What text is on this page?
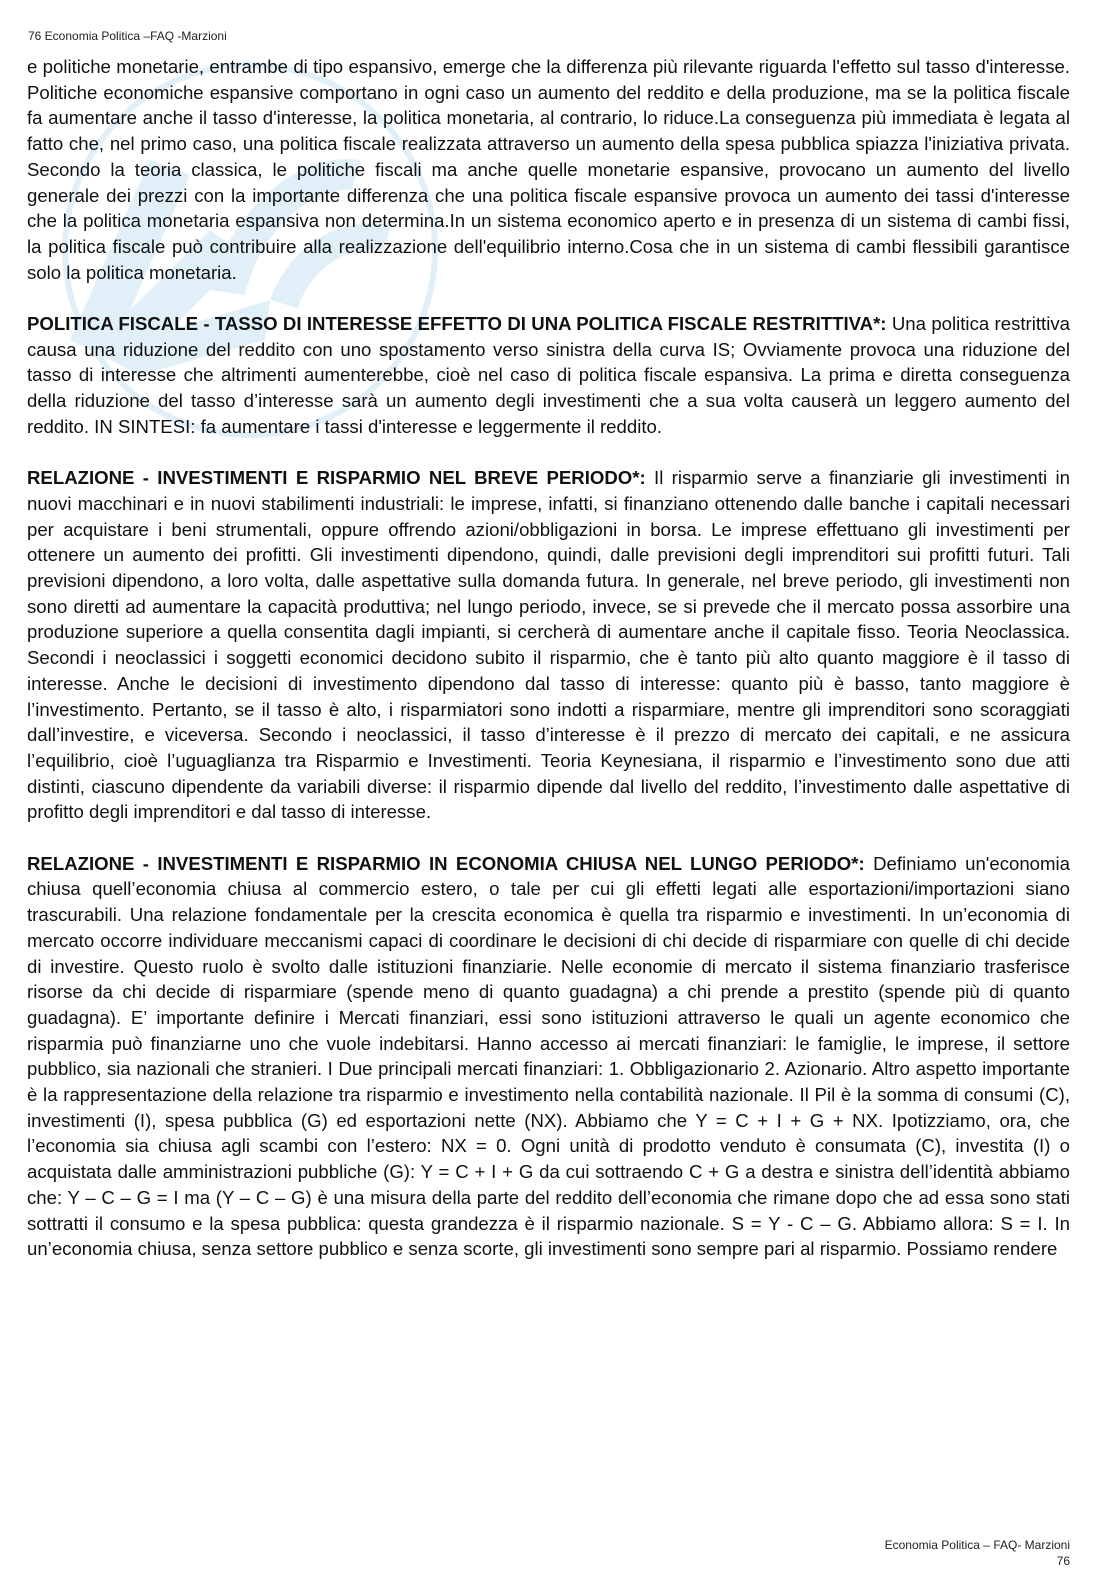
76 Economia Politica –FAQ -Marzioni

e politiche monetarie, entrambe di tipo espansivo, emerge che la differenza più rilevante riguarda l'effetto sul tasso d'interesse. Politiche economiche espansive comportano in ogni caso un aumento del reddito e della produzione, ma se la politica fiscale fa aumentare anche il tasso d'interesse, la politica monetaria, al contrario, lo riduce.La conseguenza più immediata è legata al fatto che, nel primo caso, una politica fiscale realizzata attraverso un aumento della spesa pubblica spiazza l'iniziativa privata. Secondo la teoria classica, le politiche fiscali ma anche quelle monetarie espansive, provocano un aumento del livello generale dei prezzi con la importante differenza che una politica fiscale espansive provoca un aumento dei tassi d'interesse che la politica monetaria espansiva non determina.In un sistema economico aperto e in presenza di un sistema di cambi fissi, la politica fiscale può contribuire alla realizzazione dell'equilibrio interno.Cosa che in un sistema di cambi flessibili garantisce solo la politica monetaria.

POLITICA FISCALE - TASSO DI INTERESSE EFFETTO DI UNA POLITICA FISCALE RESTRITTIVA*: Una politica restrittiva causa una riduzione del reddito con uno spostamento verso sinistra della curva IS; Ovviamente provoca una riduzione del tasso di interesse che altrimenti aumenterebbe, cioè nel caso di politica fiscale espansiva. La prima e diretta conseguenza della riduzione del tasso d’interesse sarà un aumento degli investimenti che a sua volta causerà un leggero aumento del reddito. IN SINTESI: fa aumentare i tassi d'interesse e leggermente il reddito.

RELAZIONE - INVESTIMENTI E RISPARMIO NEL BREVE PERIODO*: Il risparmio serve a finanziarie gli investimenti in nuovi macchinari e in nuovi stabilimenti industriali: le imprese, infatti, si finanziano ottenendo dalle banche i capitali necessari per acquistare i beni strumentali, oppure offrendo azioni/obbligazioni in borsa. Le imprese effettuano gli investimenti per ottenere un aumento dei profitti. Gli investimenti dipendono, quindi, dalle previsioni degli imprenditori sui profitti futuri. Tali previsioni dipendono, a loro volta, dalle aspettative sulla domanda futura. In generale, nel breve periodo, gli investimenti non sono diretti ad aumentare la capacità produttiva; nel lungo periodo, invece, se si prevede che il mercato possa assorbire una produzione superiore a quella consentita dagli impianti, si cercherà di aumentare anche il capitale fisso. Teoria Neoclassica. Secondi i neoclassici i soggetti economici decidono subito il risparmio, che è tanto più alto quanto maggiore è il tasso di interesse. Anche le decisioni di investimento dipendono dal tasso di interesse: quanto più è basso, tanto maggiore è l’investimento. Pertanto, se il tasso è alto, i risparmiatori sono indotti a risparmiare, mentre gli imprenditori sono scoraggiati dall’investire, e viceversa. Secondo i neoclassici, il tasso d’interesse è il prezzo di mercato dei capitali, e ne assicura l’equilibrio, cioè l’uguaglianza tra Risparmio e Investimenti. Teoria Keynesiana, il risparmio e l’investimento sono due atti distinti, ciascuno dipendente da variabili diverse: il risparmio dipende dal livello del reddito, l’investimento dalle aspettative di profitto degli imprenditori e dal tasso di interesse.

RELAZIONE - INVESTIMENTI E RISPARMIO IN ECONOMIA CHIUSA NEL LUNGO PERIODO*: Definiamo un'economia chiusa quell’economia chiusa al commercio estero, o tale per cui gli effetti legati alle esportazioni/importazioni siano trascurabili. Una relazione fondamentale per la crescita economica è quella tra risparmio e investimenti. In un’economia di mercato occorre individuare meccanismi capaci di coordinare le decisioni di chi decide di risparmiare con quelle di chi decide di investire. Questo ruolo è svolto dalle istituzioni finanziarie. Nelle economie di mercato il sistema finanziario trasferisce risorse da chi decide di risparmiare (spende meno di quanto guadagna) a chi prende a prestito (spende più di quanto guadagna). E’ importante definire i Mercati finanziari, essi sono istituzioni attraverso le quali un agente economico che risparmia può finanziarne uno che vuole indebitarsi. Hanno accesso ai mercati finanziari: le famiglie, le imprese, il settore pubblico, sia nazionali che stranieri. I Due principali mercati finanziari: 1. Obbligazionario 2. Azionario. Altro aspetto importante è la rappresentazione della relazione tra risparmio e investimento nella contabilità nazionale. Il Pil è la somma di consumi (C), investimenti (I), spesa pubblica (G) ed esportazioni nette (NX). Abbiamo che Y = C + I + G + NX. Ipotizziamo, ora, che l’economia sia chiusa agli scambi con l’estero: NX = 0. Ogni unità di prodotto venduto è consumata (C), investita (I) o acquistata dalle amministrazioni pubbliche (G): Y = C + I + G da cui sottraendo C + G a destra e sinistra dell’identità abbiamo che: Y – C – G = I ma (Y – C – G) è una misura della parte del reddito dell’economia che rimane dopo che ad essa sono stati sottratti il consumo e la spesa pubblica: questa grandezza è il risparmio nazionale. S = Y - C – G. Abbiamo allora: S = I. In un’economia chiusa, senza settore pubblico e senza scorte, gli investimenti sono sempre pari al risparmio. Possiamo rendere

Economia Politica – FAQ- Marzioni
76
